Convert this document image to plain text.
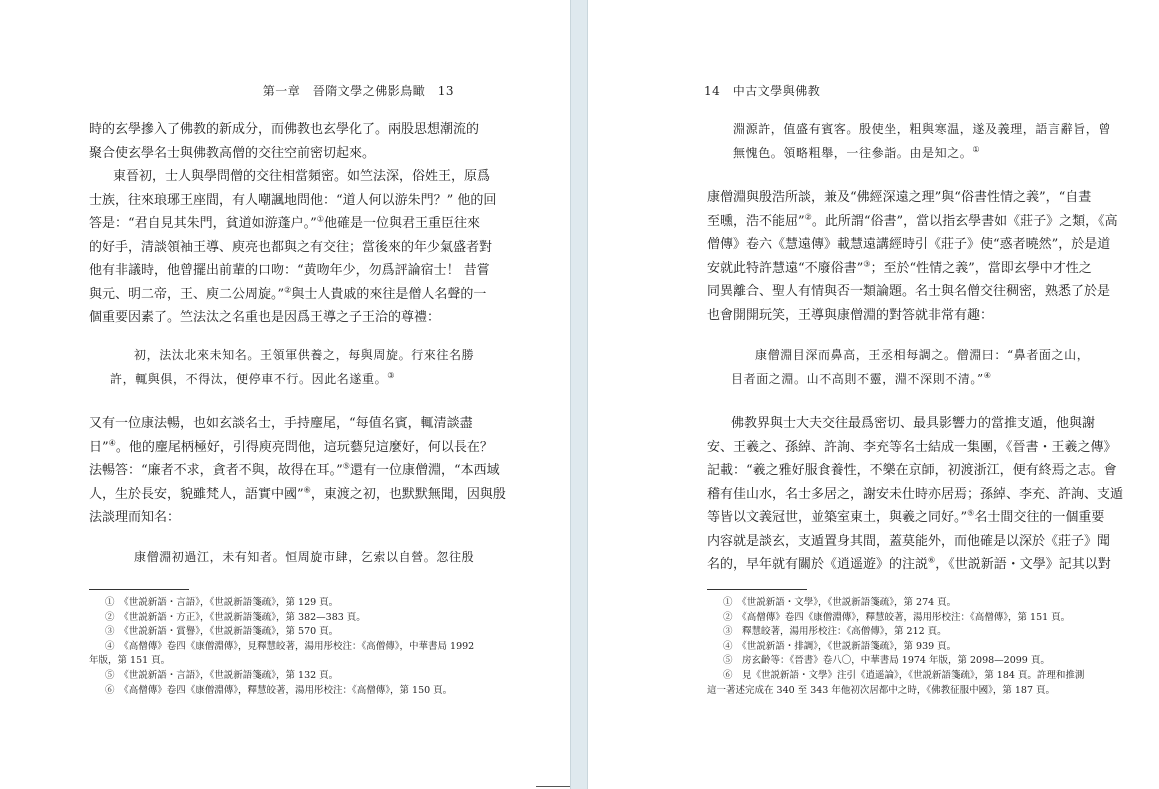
第一章　晉隋文學之佛影鳥瞰　13
時的玄學摻入了佛教的新成分，而佛教也玄學化了。兩股思想潮流的
聚合使玄學名士與佛教高僧的交往空前密切起來。
東晉初，士人與學問僧的交往相當頻密。如竺法深，俗姓王，原爲
士族，往來琅琊王座間，有人嘲諷地問他：“道人何以游朱門？” 他的回
答是：“君自見其朱門，貧道如游蓬户。”①他確是一位與君王重臣往來
的好手，清談領袖王導、庾亮也都與之有交往；當後來的年少氣盛者對
他有非議時，他曾擺出前輩的口吻：“黄吻年少，勿爲評論宿士！ 昔嘗
與元、明二帝，王、庾二公周旋。”②與士人貴戚的來往是僧人名聲的一
個重要因素了。竺法汰之名重也是因爲王導之子王洽的尊禮：
初，法汰北來未知名。王領軍供養之，每與周旋。行來往名勝
許，輒與俱，不得汰，便停車不行。因此名遂重。③
又有一位康法暢，也如玄談名士，手持麈尾，“每值名賓，輒清談盡
日”④。他的麈尾柄極好，引得庾亮問他，這玩藝兒這麼好，何以長在？
法暢答：“廉者不求，貪者不與，故得在耳。”⑤還有一位康僧淵，“本西域
人，生於長安，貌雖梵人，語實中國”⑥，東渡之初，也默默無聞，因與殷
法談理而知名：
康僧淵初過江，未有知者。恒周旋市肆，乞索以自營。忽往殷
①　《世説新語・言語》，《世説新語箋疏》，第 129 頁。
②　《世説新語・方正》，《世説新語箋疏》，第 382—383 頁。
③　《世説新語・賞譽》，《世説新語箋疏》，第 570 頁。
④　《高僧傳》卷四《康僧淵傳》，見釋慧皎著，湯用彤校注：《高僧傳》，中華書局 1992
年版，第 151 頁。
⑤　《世説新語・言語》，《世説新語箋疏》，第 132 頁。
⑥　《高僧傳》卷四《康僧淵傳》，釋慧皎著，湯用彤校注：《高僧傳》，第 150 頁。
14　中古文學與佛教
淵源許，值盛有賓客。殷使坐，粗與寒温，遂及義理，語言辭旨，曾
無愧色。領略粗舉，一往參詣。由是知之。①
康僧淵與殷浩所談，兼及“佛經深遠之理”與“俗書性情之義”，“自晝
至曛，浩不能屈”②。此所謂“俗書”，當以指玄學書如《莊子》之類，《高
僧傳》卷六《慧遠傳》載慧遠講經時引《莊子》使“惑者曉然”，於是道
安就此特許慧遠“不廢俗書”③；至於“性情之義”，當即玄學中才性之
同異離合、聖人有情與否一類論題。名士與名僧交往稠密，熟悉了於是
也會開開玩笑，王導與康僧淵的對答就非常有趣：
康僧淵目深而鼻高，王丞相每調之。僧淵曰：“鼻者面之山，
目者面之淵。山不高則不靈，淵不深則不清。”④
佛教界與士大夫交往最爲密切、最具影響力的當推支遁，他與謝
安、王羲之、孫綽、許詢、李充等名士結成一集團，《晉書・王羲之傳》
記載：“羲之雅好服食養性，不樂在京師，初渡浙江，便有終焉之志。會
稽有佳山水，名士多居之，謝安未仕時亦居焉；孫綽、李充、許詢、支遁
等皆以文義冠世，並築室東土，與羲之同好。”⑤名士間交往的一個重要
内容就是談玄，支遁置身其間，蓋莫能外，而他確是以深於《莊子》聞
名的，早年就有關於《逍遥遊》的注説⑥，《世説新語・文學》記其以對
①　《世説新語・文學》，《世説新語箋疏》，第 274 頁。
②　《高僧傳》卷四《康僧淵傳》，釋慧皎著，湯用彤校注：《高僧傳》，第 151 頁。
③　釋慧皎著，湯用彤校注：《高僧傳》，第 212 頁。
④　《世説新語・排調》，《世説新語箋疏》，第 939 頁。
⑤　房玄齡等：《晉書》卷八〇，中華書局 1974 年版，第 2098—2099 頁。
⑥　見《世説新語・文學》注引《逍遥論》，《世説新語箋疏》，第 184 頁。許理和推測
這一著述完成在 340 至 343 年他初次居都中之時，《佛教征服中國》，第 187 頁。
